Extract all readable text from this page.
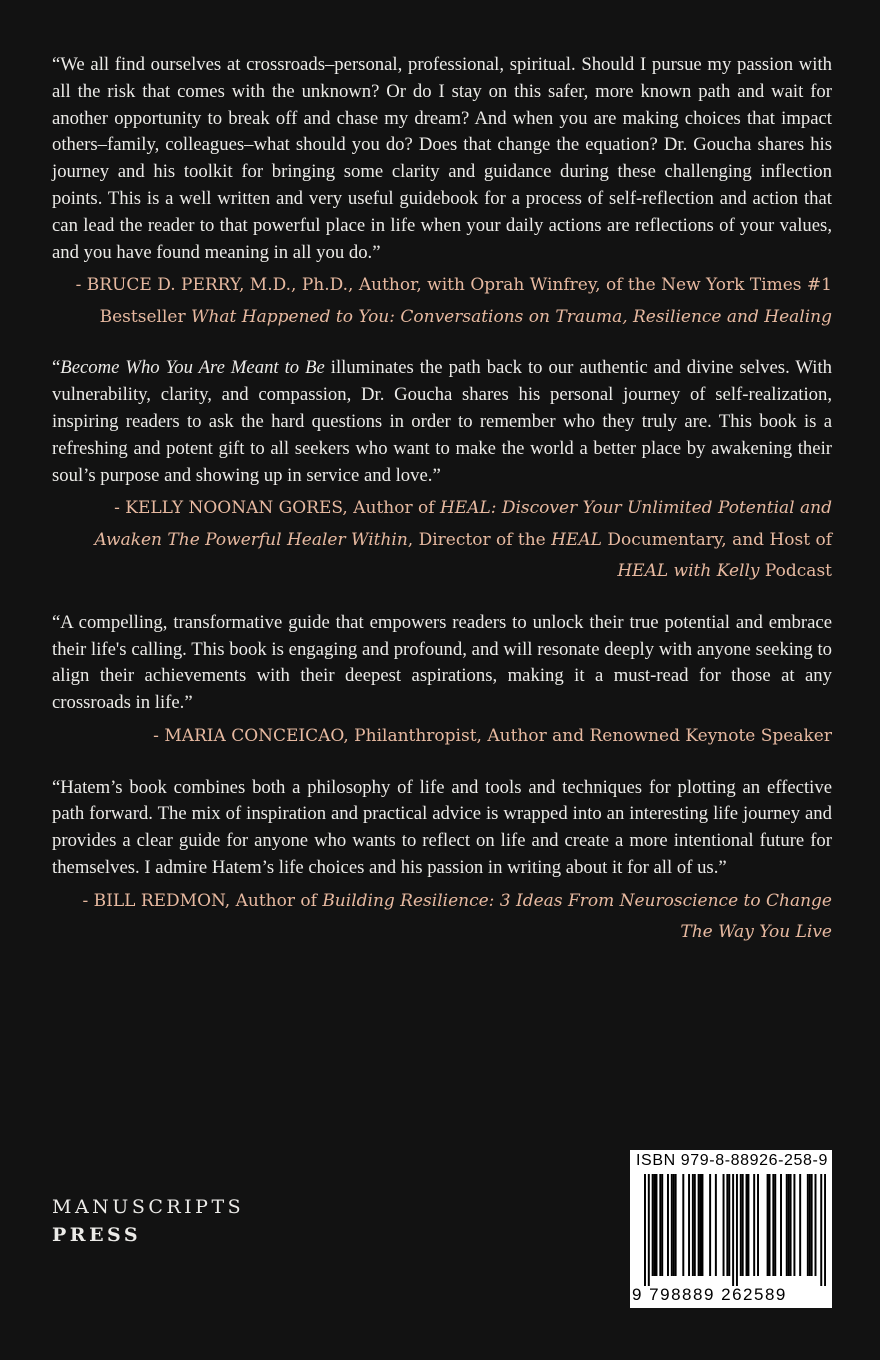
“We all find ourselves at crossroads–personal, professional, spiritual. Should I pursue my passion with all the risk that comes with the unknown? Or do I stay on this safer, more known path and wait for another opportunity to break off and chase my dream? And when you are making choices that impact others–family, colleagues–what should you do? Does that change the equation? Dr. Goucha shares his journey and his toolkit for bringing some clarity and guidance during these challenging inflection points. This is a well written and very useful guidebook for a process of self-reflection and action that can lead the reader to that powerful place in life when your daily actions are reflections of your values, and you have found meaning in all you do.”

- BRUCE D. PERRY, M.D., Ph.D., Author, with Oprah Winfrey, of the New York Times #1 Bestseller What Happened to You: Conversations on Trauma, Resilience and Healing

“Become Who You Are Meant to Be illuminates the path back to our authentic and divine selves. With vulnerability, clarity, and compassion, Dr. Goucha shares his personal journey of self-realization, inspiring readers to ask the hard questions in order to remember who they truly are. This book is a refreshing and potent gift to all seekers who want to make the world a better place by awakening their soul’s purpose and showing up in service and love.”

- KELLY NOONAN GORES, Author of HEAL: Discover Your Unlimited Potential and Awaken The Powerful Healer Within, Director of the HEAL Documentary, and Host of HEAL with Kelly Podcast

“A compelling, transformative guide that empowers readers to unlock their true potential and embrace their life's calling. This book is engaging and profound, and will resonate deeply with anyone seeking to align their achievements with their deepest aspirations, making it a must-read for those at any crossroads in life.”

- MARIA CONCEICAO, Philanthropist, Author and Renowned Keynote Speaker

“Hatem’s book combines both a philosophy of life and tools and techniques for plotting an effective path forward. The mix of inspiration and practical advice is wrapped into an interesting life journey and provides a clear guide for anyone who wants to reflect on life and create a more intentional future for themselves. I admire Hatem’s life choices and his passion in writing about it for all of us.”

- BILL REDMON, Author of Building Resilience: 3 Ideas From Neuroscience to Change The Way You Live

MANUSCRIPTS
PRESS
ISBN 979-8-88926-258-9
9 798889 262589
